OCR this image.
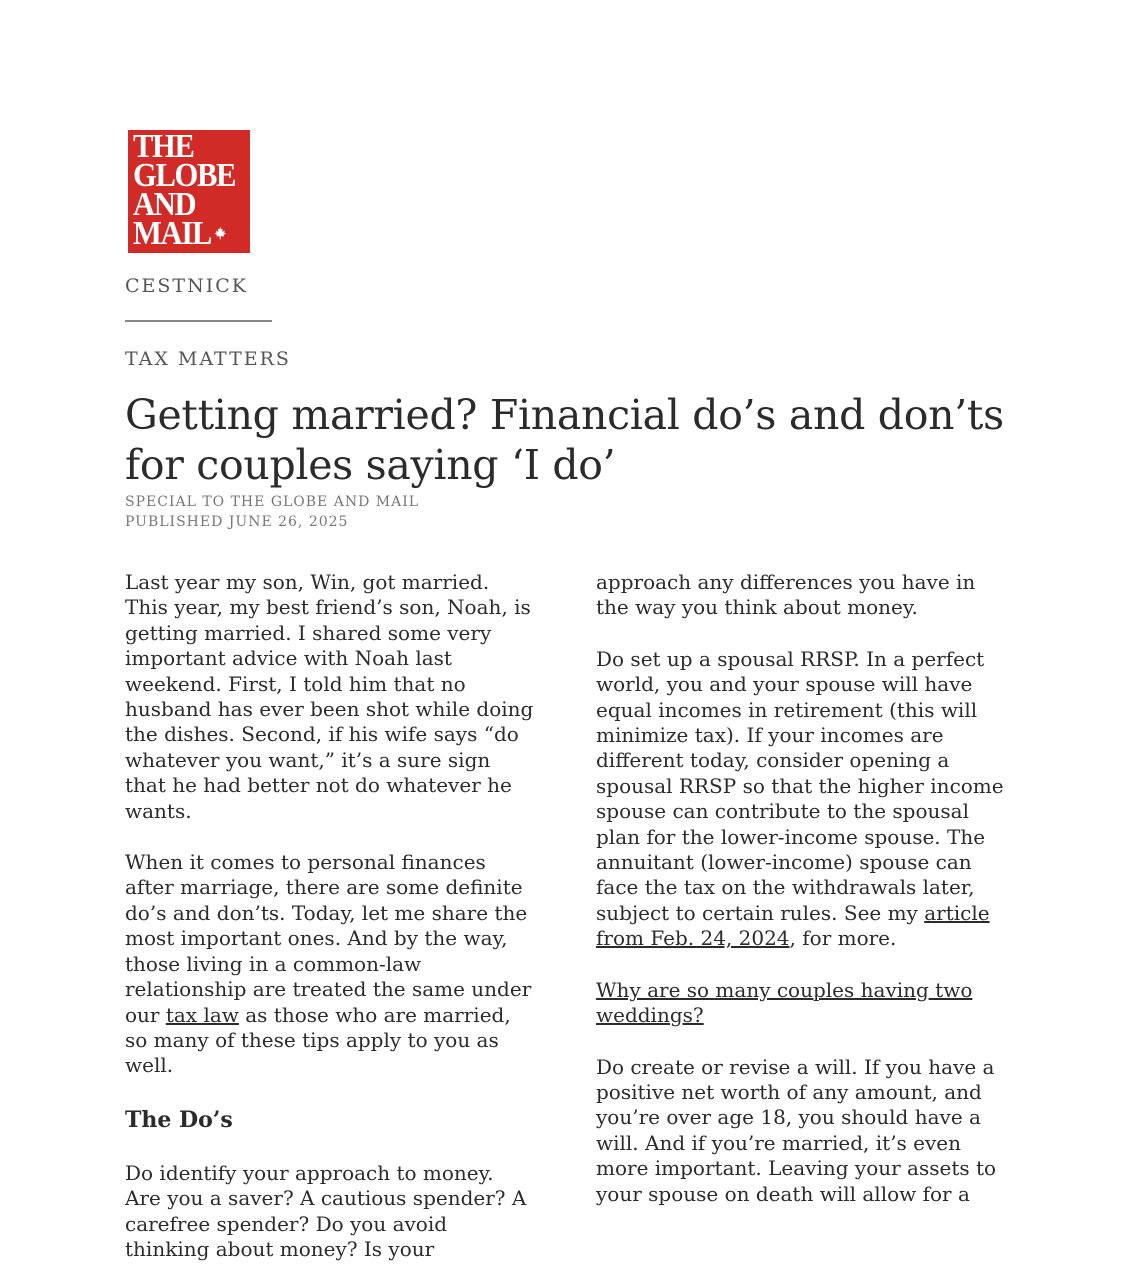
THE
GLOBE
AND
MAIL
CESTNICK
TAX MATTERS
Getting married? Financial do’s and don’ts for couples saying ‘I do’
SPECIAL TO THE GLOBE AND MAIL
PUBLISHED JUNE 26, 2025

Last year my son, Win, got married. This year, my best friend’s son, Noah, is getting married. I shared some very important advice with Noah last weekend. First, I told him that no husband has ever been shot while doing the dishes. Second, if his wife says “do whatever you want,” it’s a sure sign that he had better not do whatever he wants.

When it comes to personal finances after marriage, there are some definite do’s and don’ts. Today, let me share the most important ones. And by the way, those living in a common-law relationship are treated the same under our tax law as those who are married, so many of these tips apply to you as well.

The Do’s

Do identify your approach to money. Are you a saver? A cautious spender? A carefree spender? Do you avoid thinking about money? Is your

approach any differences you have in the way you think about money.

Do set up a spousal RRSP. In a perfect world, you and your spouse will have equal incomes in retirement (this will minimize tax). If your incomes are different today, consider opening a spousal RRSP so that the higher income spouse can contribute to the spousal plan for the lower-income spouse. The annuitant (lower-income) spouse can face the tax on the withdrawals later, subject to certain rules. See my article from Feb. 24, 2024, for more.

Why are so many couples having two weddings?

Do create or revise a will. If you have a positive net worth of any amount, and you’re over age 18, you should have a will. And if you’re married, it’s even more important. Leaving your assets to your spouse on death will allow for a
